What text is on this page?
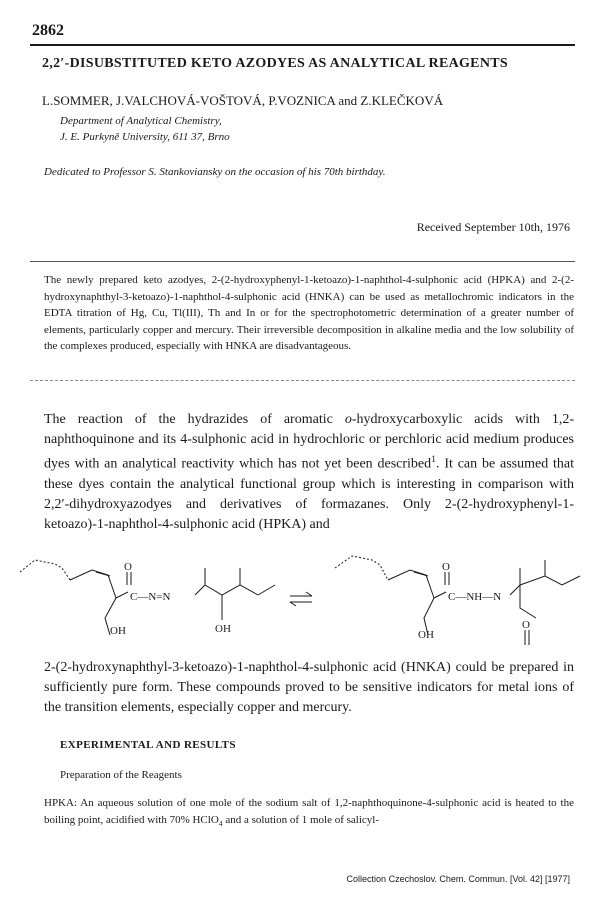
2862
2,2′-DISUBSTITUTED KETO AZODYES AS ANALYTICAL REAGENTS
L.SOMMER, J.VALCHOVÁ-VOŠTOVÁ, P.VOZNICA and Z.KLEČKOVÁ
Department of Analytical Chemistry,
J. E. Purkyně University, 611 37, Brno
Dedicated to Professor S. Stankoviansky on the occasion of his 70th birthday.
Received September 10th, 1976
The newly prepared keto azodyes, 2-(2-hydroxyphenyl-1-ketoazo)-1-naphthol-4-sulphonic acid (HPKA) and 2-(2-hydroxynaphthyl-3-ketoazo)-1-naphthol-4-sulphonic acid (HNKA) can be used as metallochromic indicators in the EDTA titration of Hg, Cu, Tl(III), Th and In or for the spectrophotometric determination of a greater number of elements, particularly copper and mercury. Their irreversible decomposition in alkaline media and the low solubility of the complexes produced, especially with HNKA are disadvantageous.
The reaction of the hydrazides of aromatic o-hydroxycarboxylic acids with 1,2-naphthoquinone and its 4-sulphonic acid in hydrochloric or perchloric acid medium produces dyes with an analytical reactivity which has not yet been described$^1$. It can be assumed that these dyes contain the analytical functional group which is interesting in comparison with 2,2′-dihydroxyazodyes and derivatives of formazanes. Only 2-(2-hydroxyphenyl-1-ketoazo)-1-naphthol-4-sulphonic acid (HPKA) and
O
C—N=N
OH	OH
O
C—NH—N
OH
O
2-(2-hydroxynaphthyl-3-ketoazo)-1-naphthol-4-sulphonic acid (HNKA) could be prepared in sufficiently pure form. These compounds proved to be sensitive indicators for metal ions of the transition elements, especially copper and mercury.
EXPERIMENTAL AND RESULTS
Preparation of the Reagents
HPKA: An aqueous solution of one mole of the sodium salt of 1,2-naphthoquinone-4-sulphonic acid is heated to the boiling point, acidified with 70% HClO$_4$ and a solution of 1 mole of salicyl-
Collection Czechoslov. Chem. Commun. [Vol. 42] [1977]
